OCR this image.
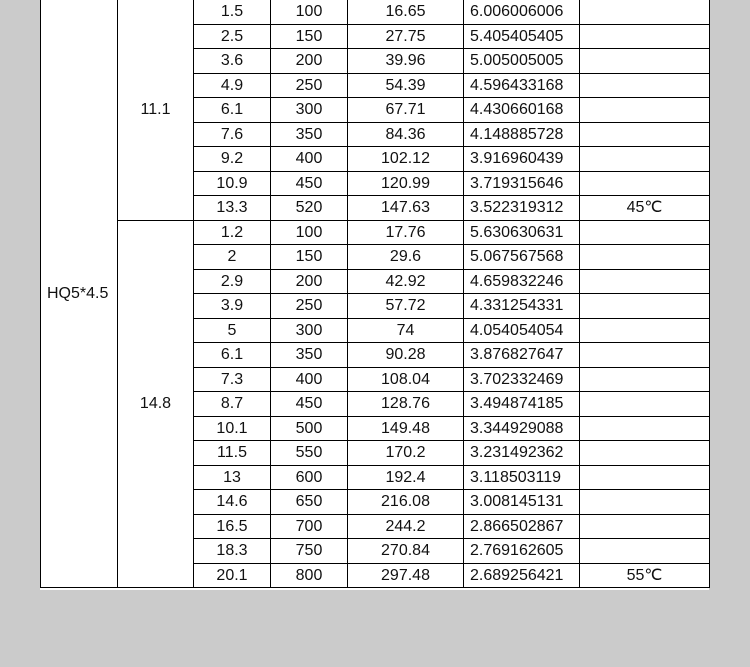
HQ5*4.5	11.1	1.5	100	16.65	6.006006006	
		2.5	150	27.75	5.405405405	
		3.6	200	39.96	5.005005005	
		4.9	250	54.39	4.596433168	
		6.1	300	67.71	4.430660168	
		7.6	350	84.36	4.148885728	
		9.2	400	102.12	3.916960439	
		10.9	450	120.99	3.719315646	
		13.3	520	147.63	3.522319312	45℃
	14.8	1.2	100	17.76	5.630630631	
		2	150	29.6	5.067567568	
		2.9	200	42.92	4.659832246	
		3.9	250	57.72	4.331254331	
		5	300	74	4.054054054	
		6.1	350	90.28	3.876827647	
		7.3	400	108.04	3.702332469	
		8.7	450	128.76	3.494874185	
		10.1	500	149.48	3.344929088	
		11.5	550	170.2	3.231492362	
		13	600	192.4	3.118503119	
		14.6	650	216.08	3.008145131	
		16.5	700	244.2	2.866502867	
		18.3	750	270.84	2.769162605	
		20.1	800	297.48	2.689256421	55℃
